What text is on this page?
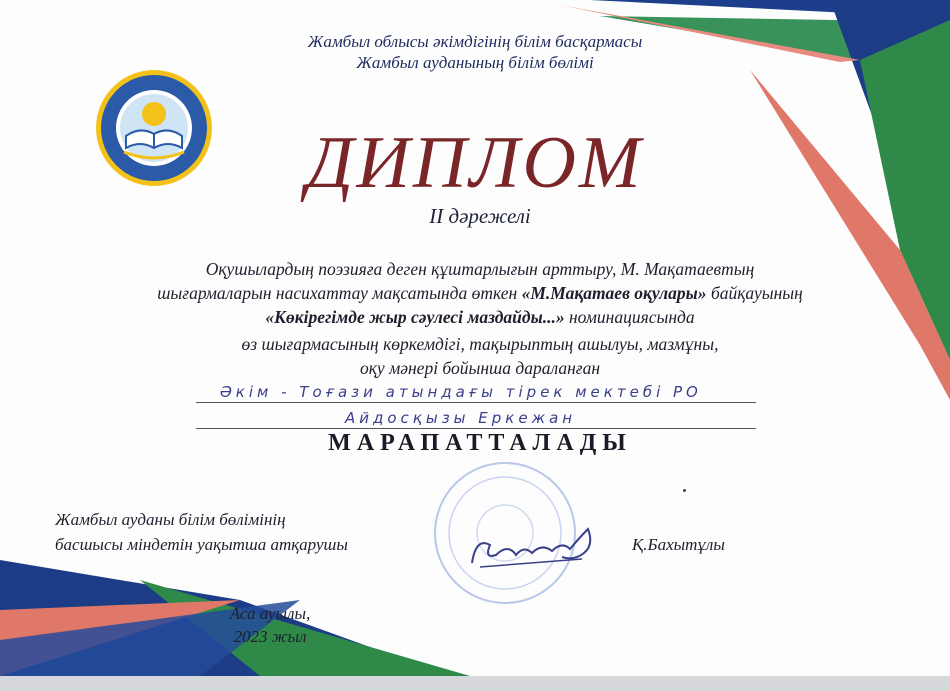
Жамбыл облысы әкімдігінің білім басқармасы
Жамбыл ауданының білім бөлімі
ДИПЛОМ
II дәрежелі
Оқушылардың поэзияға деген құштарлығын арттыру, М. Мақатаевтың
шығармаларын насихаттау мақсатында өткен «М.Мақатаев оқулары» байқауының
«Көкірегімде жыр сәулесі маздайды...» номинациясында
өз шығармасының көркемдігі, тақырыптың ашылуы, мазмұны,
оқу мәнері бойынша дараланған
Әкім - Тоғази атындағы тірек мектебі РО
Айдосқызы Еркежан
МАРАПАТТАЛАДЫ
Жамбыл ауданы білім бөлімінің
басшысы міндетін уақытша атқарушы	Қ.Бахытұлы
Аса ауылы,
2023 жыл
